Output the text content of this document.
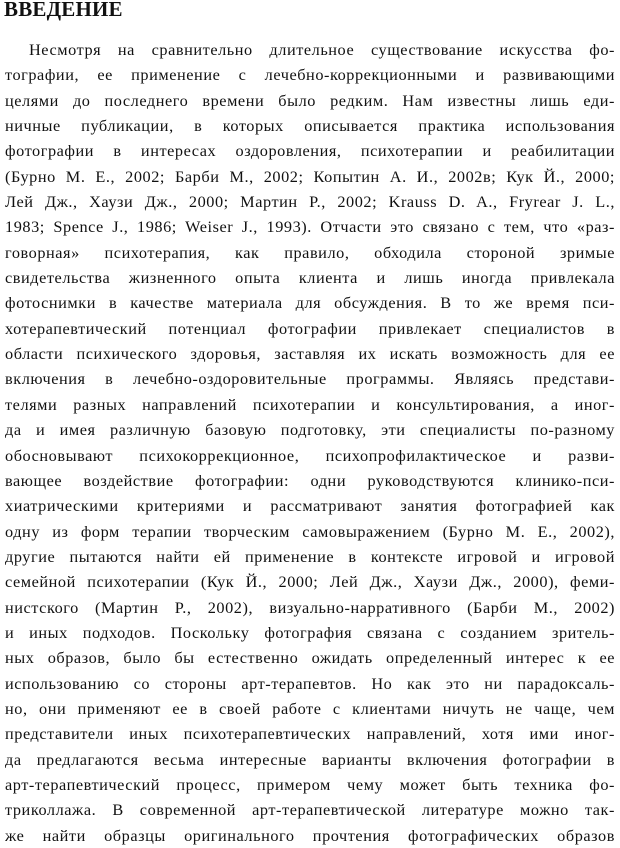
ВВЕДЕНИЕ
Несмотря на сравнительно длительное существование искусства фо-
тографии, ее применение с лечебно-коррекционными и развивающими
целями до последнего времени было редким. Нам известны лишь еди-
ничные публикации, в которых описывается практика использования
фотографии в интересах оздоровления, психотерапии и реабилитации
(Бурно М. Е., 2002; Барби М., 2002; Копытин А. И., 2002в; Кук Й., 2000;
Лей Дж., Хаузи Дж., 2000; Мартин Р., 2002; Krauss D. A., Fryrear J. L.,
1983; Spence J., 1986; Weiser J., 1993). Отчасти это связано с тем, что «раз-
говорная» психотерапия, как правило, обходила стороной зримые
свидетельства жизненного опыта клиента и лишь иногда привлекала
фотоснимки в качестве материала для обсуждения. В то же время пси-
хотерапевтический потенциал фотографии привлекает специалистов в
области психического здоровья, заставляя их искать возможность для ее
включения в лечебно-оздоровительные программы. Являясь представи-
телями разных направлений психотерапии и консультирования, а иног-
да и имея различную базовую подготовку, эти специалисты по-разному
обосновывают психокоррекционное, психопрофилактическое и разви-
вающее воздействие фотографии: одни руководствуются клинико-пси-
хиатрическими критериями и рассматривают занятия фотографией как
одну из форм терапии творческим самовыражением (Бурно М. Е., 2002),
другие пытаются найти ей применение в контексте игровой и игровой
семейной психотерапии (Кук Й., 2000; Лей Дж., Хаузи Дж., 2000), феми-
нистского (Мартин Р., 2002), визуально-нарративного (Барби М., 2002)
и иных подходов. Поскольку фотография связана с созданием зритель-
ных образов, было бы естественно ожидать определенный интерес к ее
использованию со стороны арт-терапевтов. Но как это ни парадоксаль-
но, они применяют ее в своей работе с клиентами ничуть не чаще, чем
представители иных психотерапевтических направлений, хотя ими иног-
да предлагаются весьма интересные варианты включения фотографии в
арт-терапевтический процесс, примером чему может быть техника фо-
триколлажа. В современной арт-терапевтической литературе можно так-
же найти образцы оригинального прочтения фотографических образов
